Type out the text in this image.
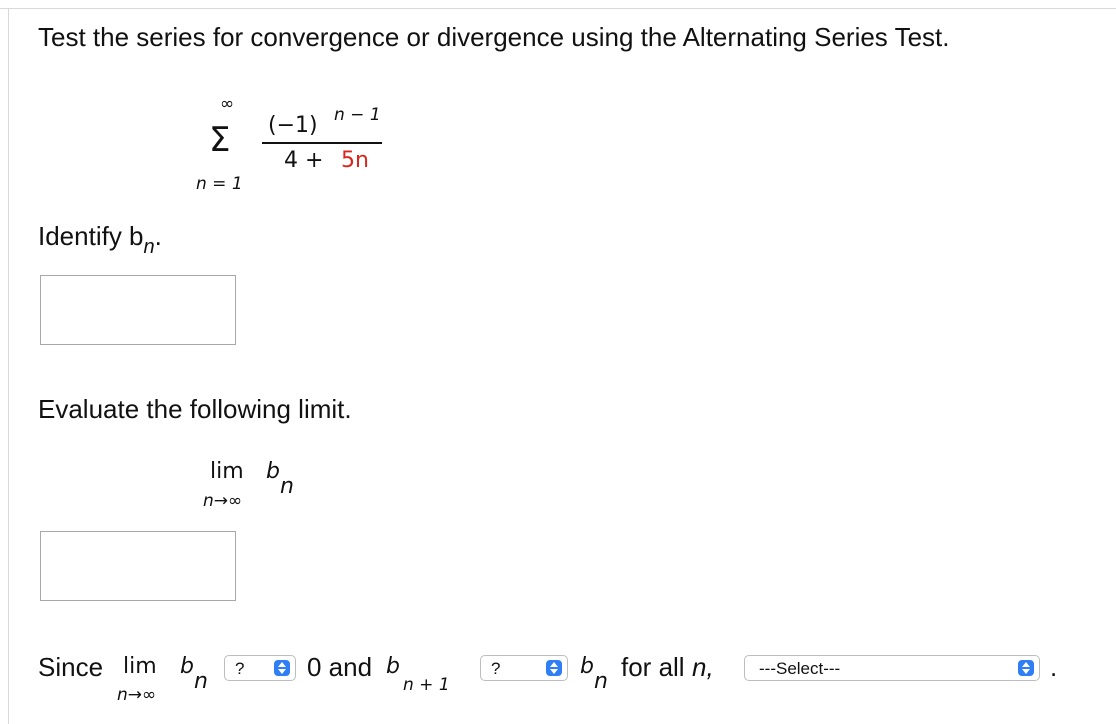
Test the series for convergence or divergence using the Alternating Series Test.
∞
Σ
n = 1
(−1) n − 1
4 + 5n
Identify $b_n$.
Evaluate the following limit.
lim b
n
n→∞
Since lim b
n
n→∞
? 0 and b
n + 1
?	b
n for all n,	---Select---	.
